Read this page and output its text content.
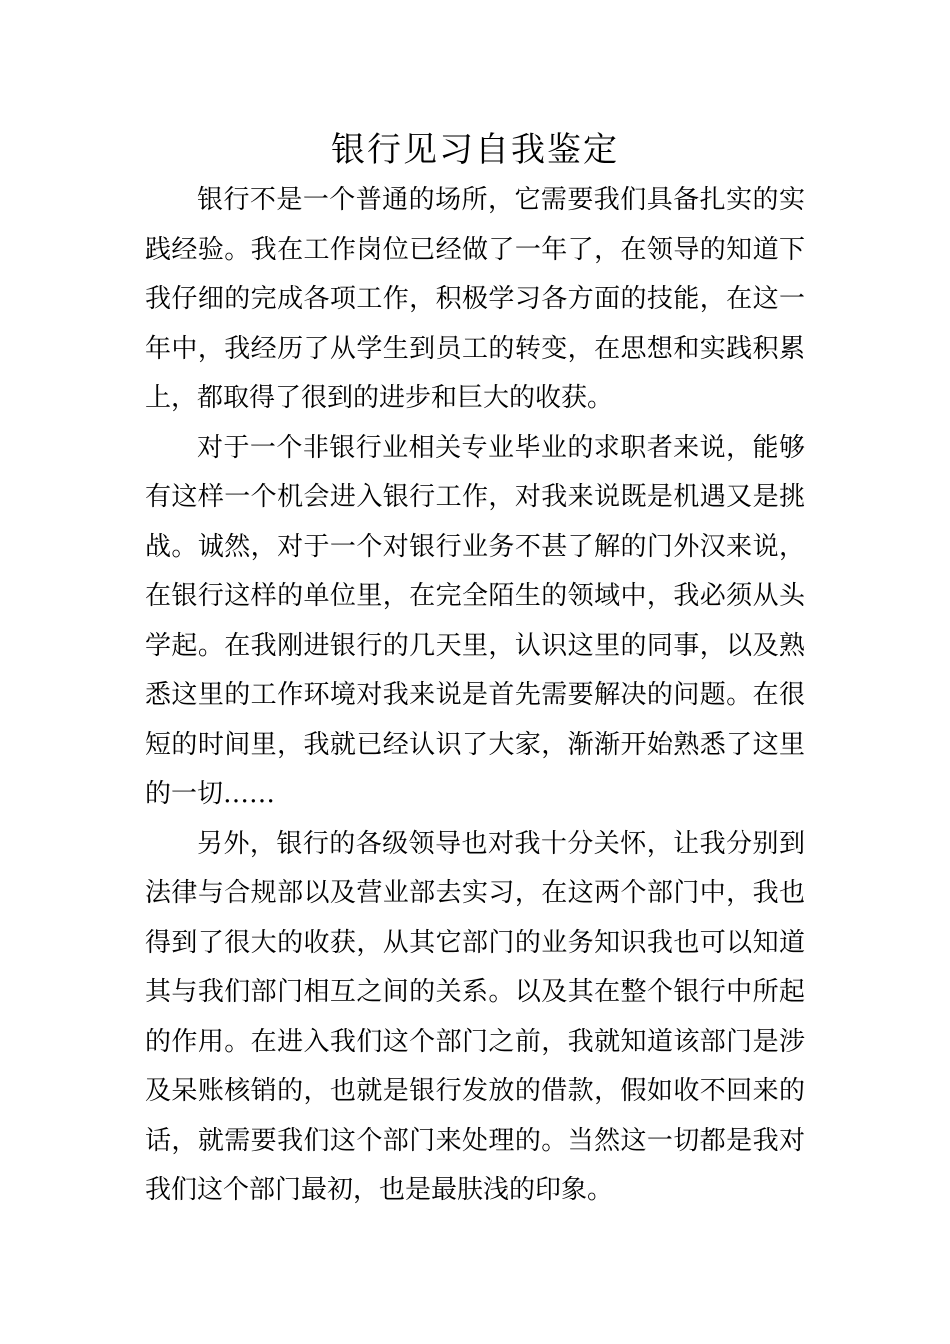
银行见习自我鉴定

银行不是一个普通的场所，它需要我们具备扎实的实践经验。我在工作岗位已经做了一年了，在领导的知道下我仔细的完成各项工作，积极学习各方面的技能，在这一年中，我经历了从学生到员工的转变，在思想和实践积累上，都取得了很到的进步和巨大的收获。

对于一个非银行业相关专业毕业的求职者来说，能够有这样一个机会进入银行工作，对我来说既是机遇又是挑战。诚然，对于一个对银行业务不甚了解的门外汉来说，在银行这样的单位里，在完全陌生的领域中，我必须从头学起。在我刚进银行的几天里，认识这里的同事，以及熟悉这里的工作环境对我来说是首先需要解决的问题。在很短的时间里，我就已经认识了大家，渐渐开始熟悉了这里的一切……

另外，银行的各级领导也对我十分关怀，让我分别到法律与合规部以及营业部去实习，在这两个部门中，我也得到了很大的收获，从其它部门的业务知识我也可以知道其与我们部门相互之间的关系。以及其在整个银行中所起的作用。在进入我们这个部门之前，我就知道该部门是涉及呆账核销的，也就是银行发放的借款，假如收不回来的话，就需要我们这个部门来处理的。当然这一切都是我对我们这个部门最初，也是最肤浅的印象。
